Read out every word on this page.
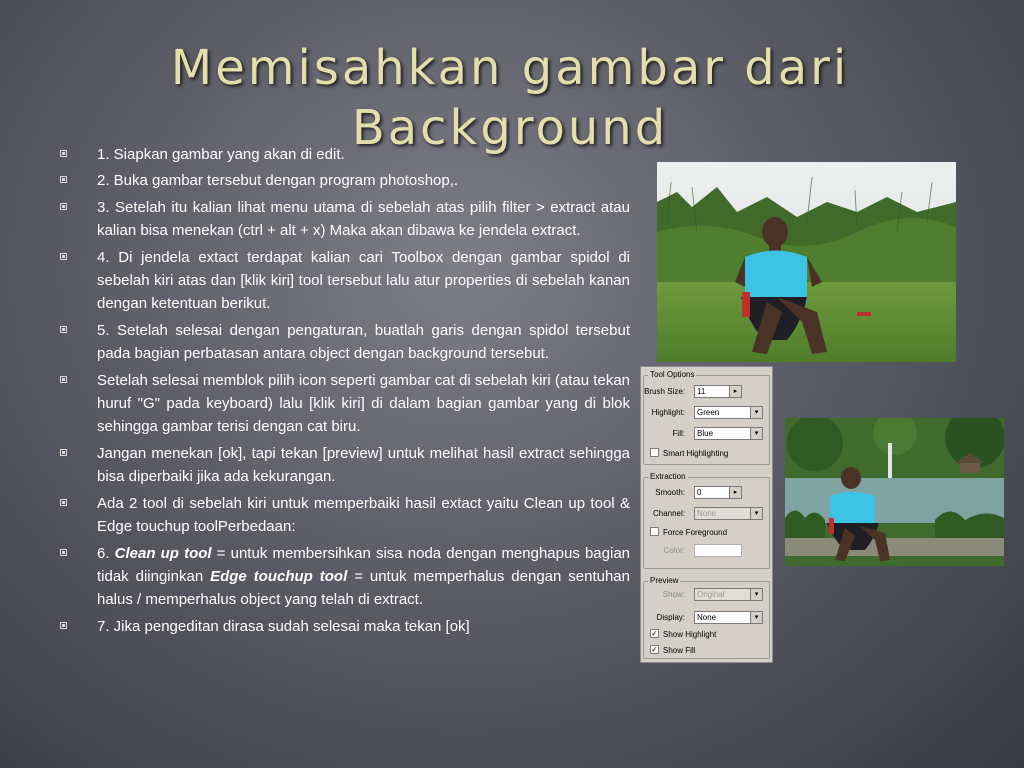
Memisahkan gambar dari
Background
1. Siapkan gambar yang akan di edit.
2. Buka gambar tersebut dengan program photoshop,.
3. Setelah itu kalian lihat menu utama di sebelah atas pilih filter > extract atau kalian bisa menekan (ctrl + alt + x) Maka akan dibawa ke jendela extract.
4. Di jendela extact terdapat kalian cari Toolbox dengan gambar spidol di sebelah kiri atas dan [klik kiri] tool tersebut lalu atur properties di sebelah kanan dengan ketentuan berikut.
5. Setelah selesai dengan pengaturan, buatlah garis dengan spidol tersebut pada bagian perbatasan antara object dengan background tersebut.
Setelah selesai memblok pilih icon seperti gambar cat di sebelah kiri (atau tekan huruf "G" pada keyboard) lalu [klik kiri] di dalam bagian gambar yang di blok sehingga gambar terisi dengan cat biru.
Jangan menekan [ok], tapi tekan [preview] untuk melihat hasil extract sehingga bisa diperbaiki jika ada kekurangan.
Ada 2 tool di sebelah kiri untuk memperbaiki hasil extact yaitu Clean up tool & Edge touchup toolPerbedaan:
6. Clean up tool = untuk membersihkan sisa noda dengan menghapus bagian tidak diinginkan Edge touchup tool = untuk memperhalus dengan sentuhan halus / memperhalus object yang telah di extract.
7. Jika pengeditan dirasa sudah selesai maka tekan [ok]
Tool Options
Brush Size:	11	▸
Highlight:	Green	▾
Fill:	Blue	▾
Smart Highlighting
Extraction
Smooth:	0	▸
Channel:	None	▾
Force Foreground
Color:
Preview
Show:	Original	▾
Display:	None	▾
✓ Show Highlight
✓ Show Fill
